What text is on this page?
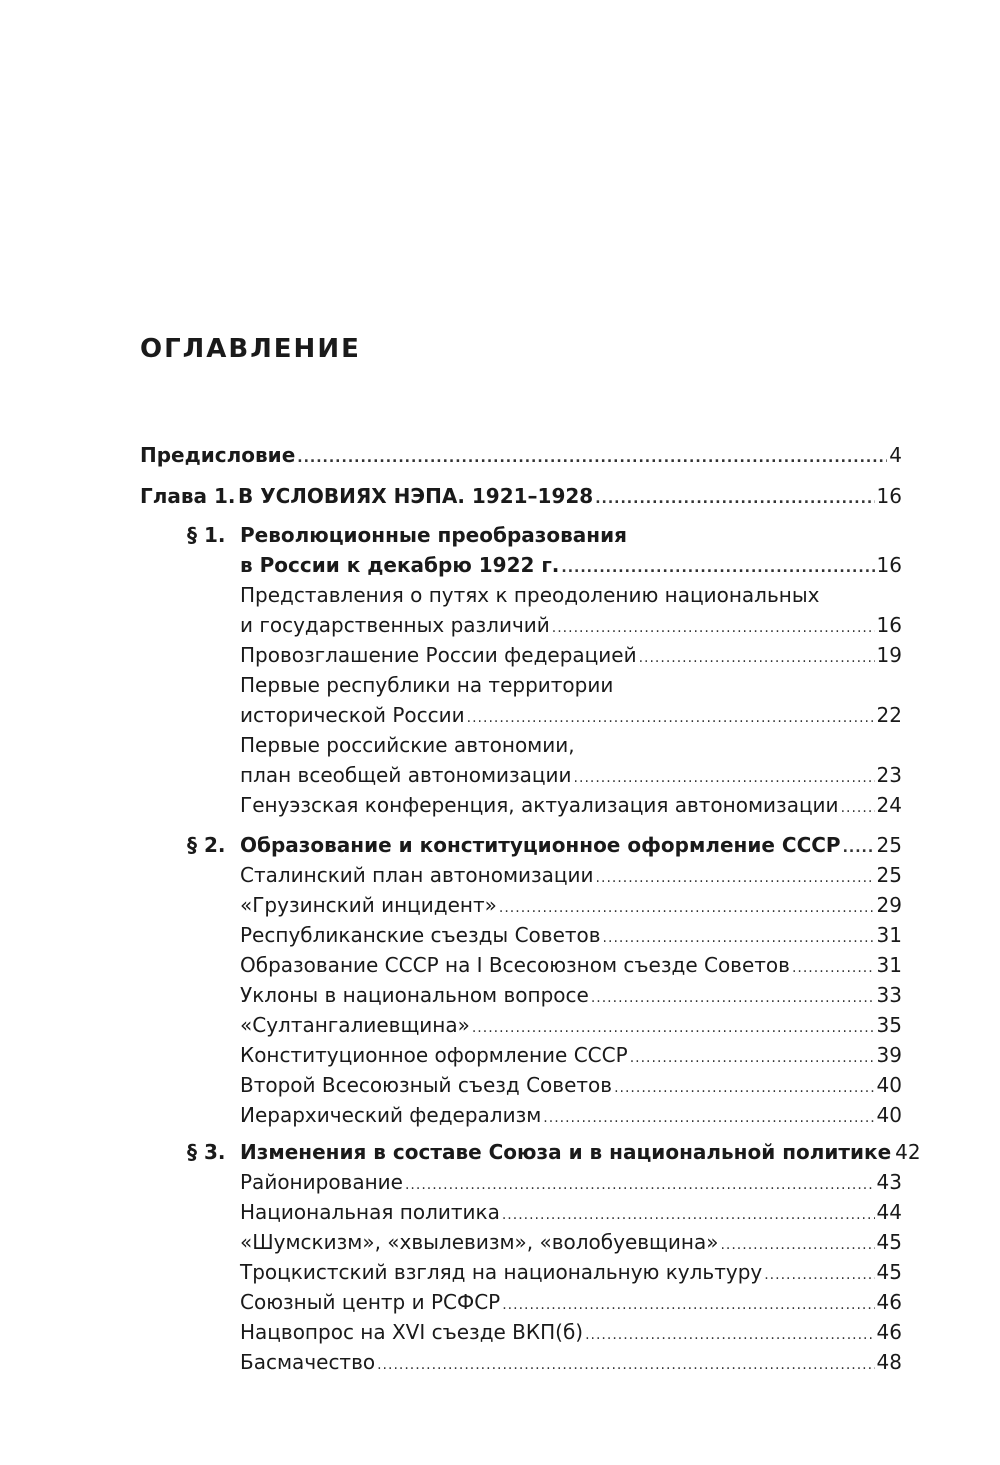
ОГЛАВЛЕНИЕ
Предисловие .....	4
Глава 1. В УСЛОВИЯХ НЭПА. 1921–1928 .....	16
§ 1. Революционные преобразования
в России к декабрю 1922 г. .....	16
Представления о путях к преодолению национальных
и государственных различий .....	16
Провозглашение России федерацией .....	19
Первые республики на территории
исторической России .....	22
Первые российские автономии,
план всеобщей автономизации .....	23
Генуэзская конференция, актуализация автономизации ..... 24
§ 2. Образование и конституционное оформление СССР ..... 25
Сталинский план автономизации .....	25
«Грузинский инцидент» .....	29
Республиканские съезды Советов .....	31
Образование СССР на I Всесоюзном съезде Советов .....	31
Уклоны в национальном вопросе .....	33
«Султангалиевщина» .....	35
Конституционное оформление СССР .....	39
Второй Всесоюзный съезд Советов .....	40
Иерархический федерализм .....	40
§ 3. Изменения в составе Союза и в национальной политике 42
Районирование .....	43
Национальная политика .....	44
«Шумскизм», «хвылевизм», «волобуевщина» .....	45
Троцкистский взгляд на национальную культуру .....	45
Союзный центр и РСФСР .....	46
Нацвопрос на XVI съезде ВКП(б) .....	46
Басмачество .....	48
